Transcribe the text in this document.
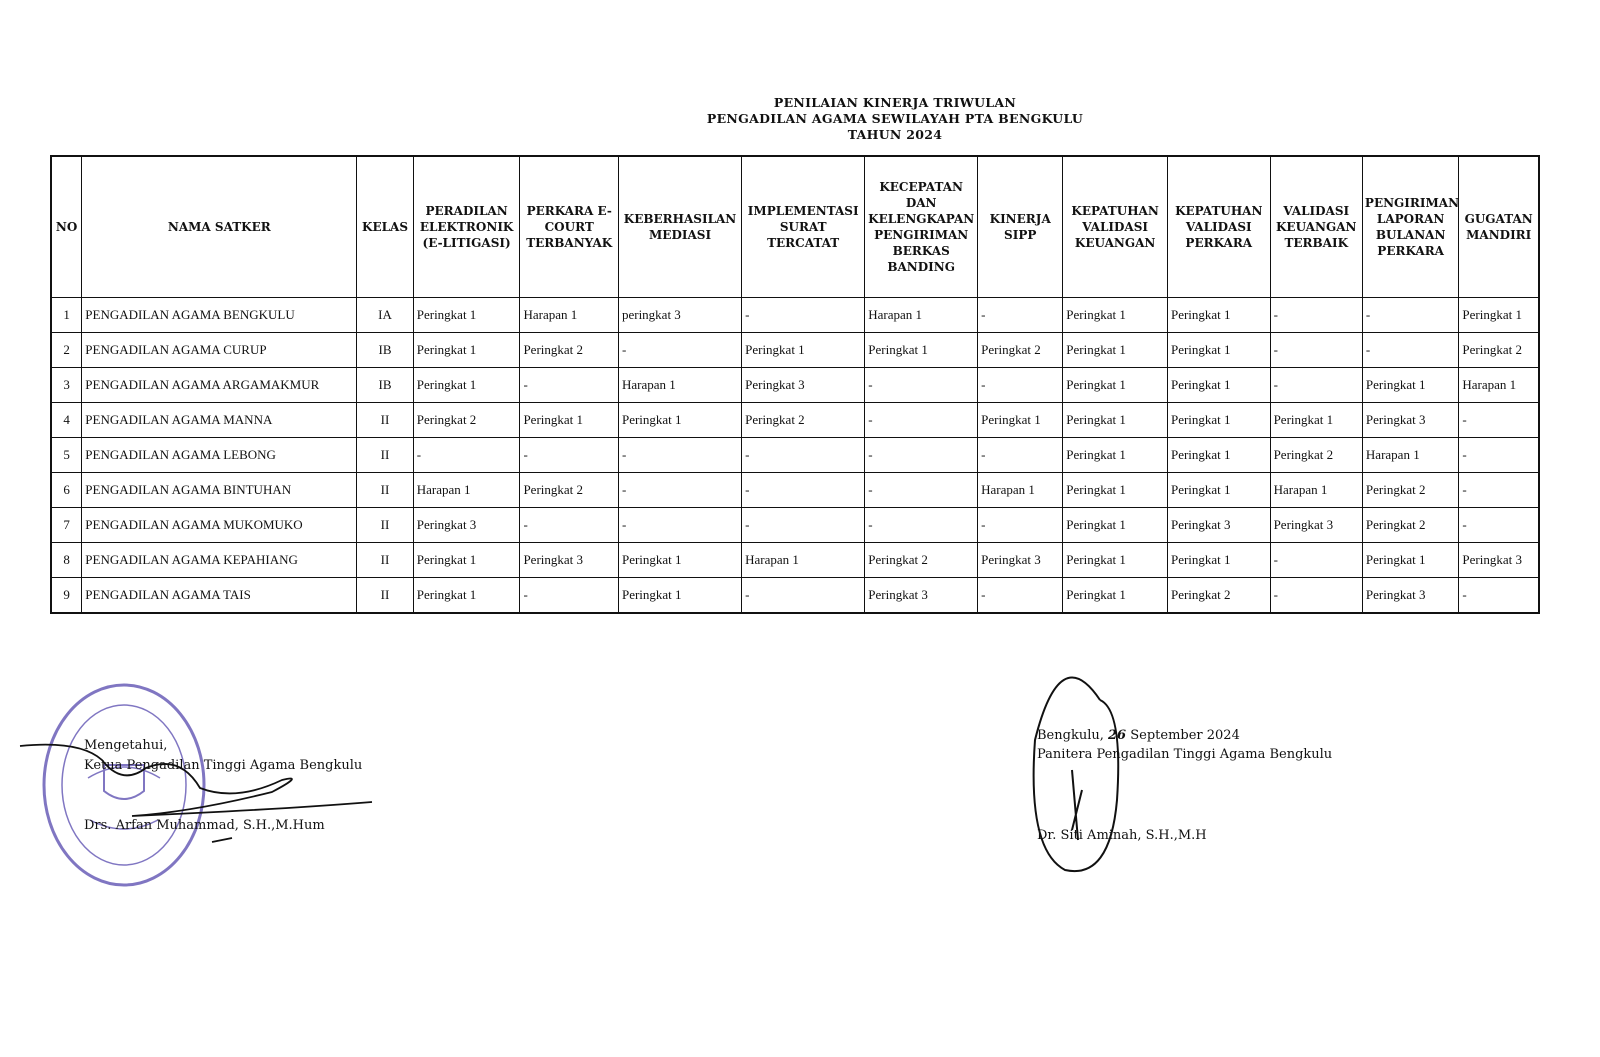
PENILAIAN KINERJA TRIWULAN
PENGADILAN AGAMA SEWILAYAH PTA BENGKULU
TAHUN 2024
NO	NAMA SATKER	KELAS	PERADILAN ELEKTRONIK (E-LITIGASI)	PERKARA E-COURT TERBANYAK	KEBERHASILAN MEDIASI	IMPLEMENTASI SURAT TERCATAT	KECEPATAN DAN KELENGKAPAN PENGIRIMAN BERKAS BANDING	KINERJA SIPP	KEPATUHAN VALIDASI KEUANGAN	KEPATUHAN VALIDASI PERKARA	VALIDASI KEUANGAN TERBAIK	PENGIRIMAN LAPORAN BULANAN PERKARA	GUGATAN MANDIRI
1	PENGADILAN AGAMA BENGKULU	IA	Peringkat 1	Harapan 1	peringkat 3	-	Harapan 1	-	Peringkat 1	Peringkat 1	-	-	Peringkat 1
2	PENGADILAN AGAMA CURUP	IB	Peringkat 1	Peringkat 2	-	Peringkat 1	Peringkat 1	Peringkat 2	Peringkat 1	Peringkat 1	-	-	Peringkat 2
3	PENGADILAN AGAMA ARGAMAKMUR	IB	Peringkat 1	-	Harapan 1	Peringkat 3	-	-	Peringkat 1	Peringkat 1	-	Peringkat 1	Harapan 1
4	PENGADILAN AGAMA MANNA	II	Peringkat 2	Peringkat 1	Peringkat 1	Peringkat 2	-	Peringkat 1	Peringkat 1	Peringkat 1	Peringkat 1	Peringkat 3	-
5	PENGADILAN AGAMA LEBONG	II	-	-	-	-	-	-	Peringkat 1	Peringkat 1	Peringkat 2	Harapan 1	-
6	PENGADILAN AGAMA BINTUHAN	II	Harapan 1	Peringkat 2	-	-	-	Harapan 1	Peringkat 1	Peringkat 1	Harapan 1	Peringkat 2	-
7	PENGADILAN AGAMA MUKOMUKO	II	Peringkat 3	-	-	-	-	-	Peringkat 1	Peringkat 3	Peringkat 3	Peringkat 2	-
8	PENGADILAN AGAMA KEPAHIANG	II	Peringkat 1	Peringkat 3	Peringkat 1	Harapan 1	Peringkat 2	Peringkat 3	Peringkat 1	Peringkat 1	-	Peringkat 1	Peringkat 3
9	PENGADILAN AGAMA TAIS	II	Peringkat 1	-	Peringkat 1	-	Peringkat 3	-	Peringkat 1	Peringkat 2	-	Peringkat 3	-
Mengetahui,
Ketua Pengadilan Tinggi Agama Bengkulu
Drs. Arfan Muhammad, S.H.,M.Hum
Bengkulu, 26 September 2024
Panitera Pengadilan Tinggi Agama Bengkulu
Dr. Siti Aminah, S.H.,M.H
